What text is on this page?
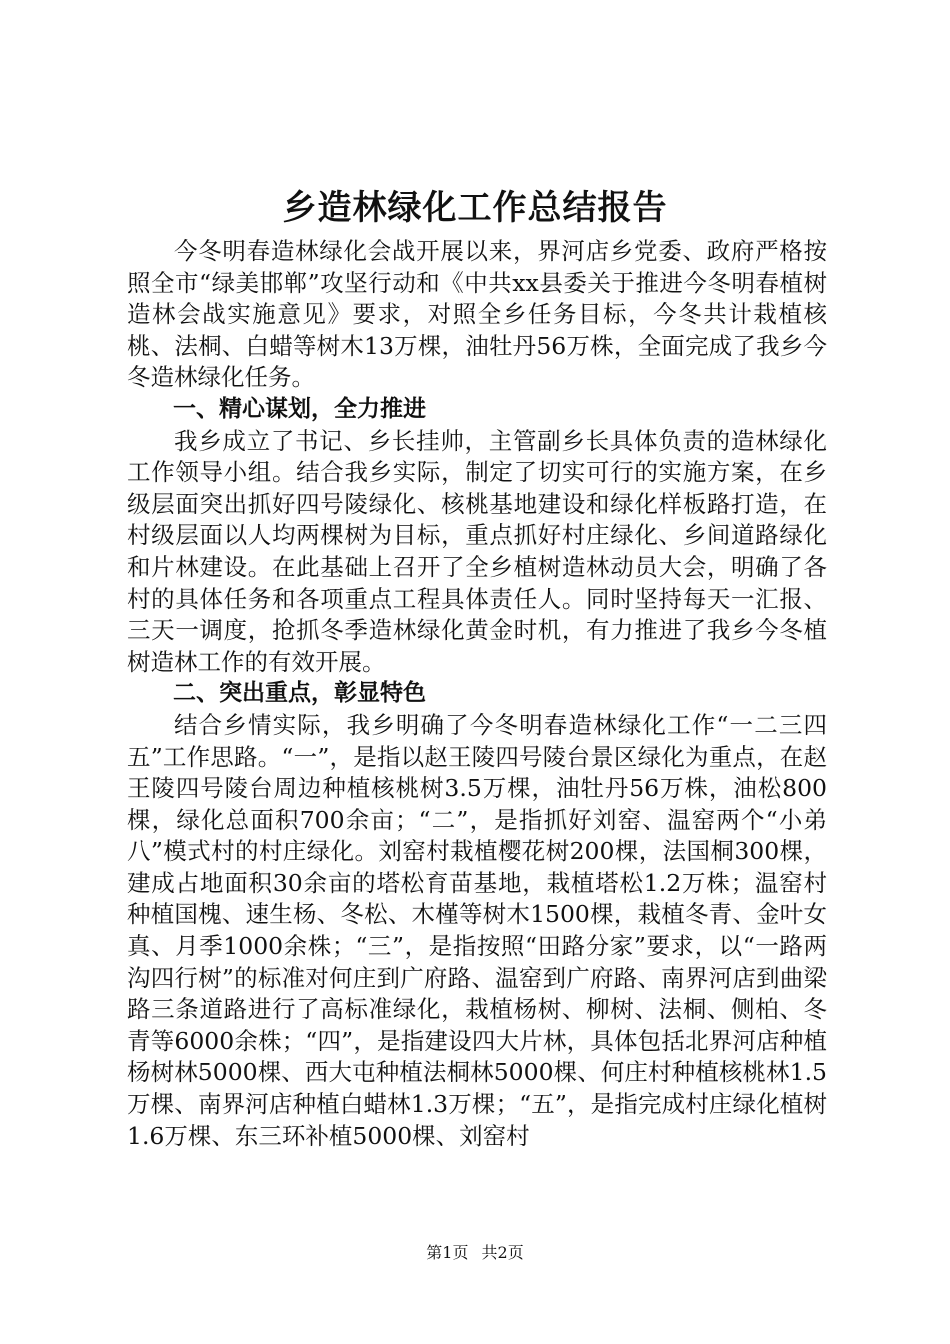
乡造林绿化工作总结报告

今冬明春造林绿化会战开展以来，界河店乡党委、政府严格按照全市“绿美邯郸”攻坚行动和《中共xx县委关于推进今冬明春植树造林会战实施意见》要求，对照全乡任务目标，今冬共计栽植核桃、法桐、白蜡等树木13万棵，油牡丹56万株，全面完成了我乡今冬造林绿化任务。

一、精心谋划，全力推进

我乡成立了书记、乡长挂帅，主管副乡长具体负责的造林绿化工作领导小组。结合我乡实际，制定了切实可行的实施方案，在乡级层面突出抓好四号陵绿化、核桃基地建设和绿化样板路打造，在村级层面以人均两棵树为目标，重点抓好村庄绿化、乡间道路绿化和片林建设。在此基础上召开了全乡植树造林动员大会，明确了各村的具体任务和各项重点工程具体责任人。同时坚持每天一汇报、三天一调度，抢抓冬季造林绿化黄金时机，有力推进了我乡今冬植树造林工作的有效开展。

二、突出重点，彰显特色

结合乡情实际，我乡明确了今冬明春造林绿化工作“一二三四五”工作思路。“一”，是指以赵王陵四号陵台景区绿化为重点，在赵王陵四号陵台周边种植核桃树3.5万棵，油牡丹56万株，油松800棵，绿化总面积700余亩；“二”，是指抓好刘窑、温窑两个“小弟八”模式村的村庄绿化。刘窑村栽植樱花树200棵，法国桐300棵，建成占地面积30余亩的塔松育苗基地，栽植塔松1.2万株；温窑村种植国槐、速生杨、冬松、木槿等树木1500棵，栽植冬青、金叶女真、月季1000余株；“三”，是指按照“田路分家”要求，以“一路两沟四行树”的标准对何庄到广府路、温窑到广府路、南界河店到曲梁路三条道路进行了高标准绿化，栽植杨树、柳树、法桐、侧柏、冬青等6000余株；“四”，是指建设四大片林，具体包括北界河店种植杨树林5000棵、西大屯种植法桐林5000棵、何庄村种植核桃林1.5万棵、南界河店种植白蜡林1.3万棵；“五”，是指完成村庄绿化植树1.6万棵、东三环补植5000棵、刘窑村

第1页 共2页
